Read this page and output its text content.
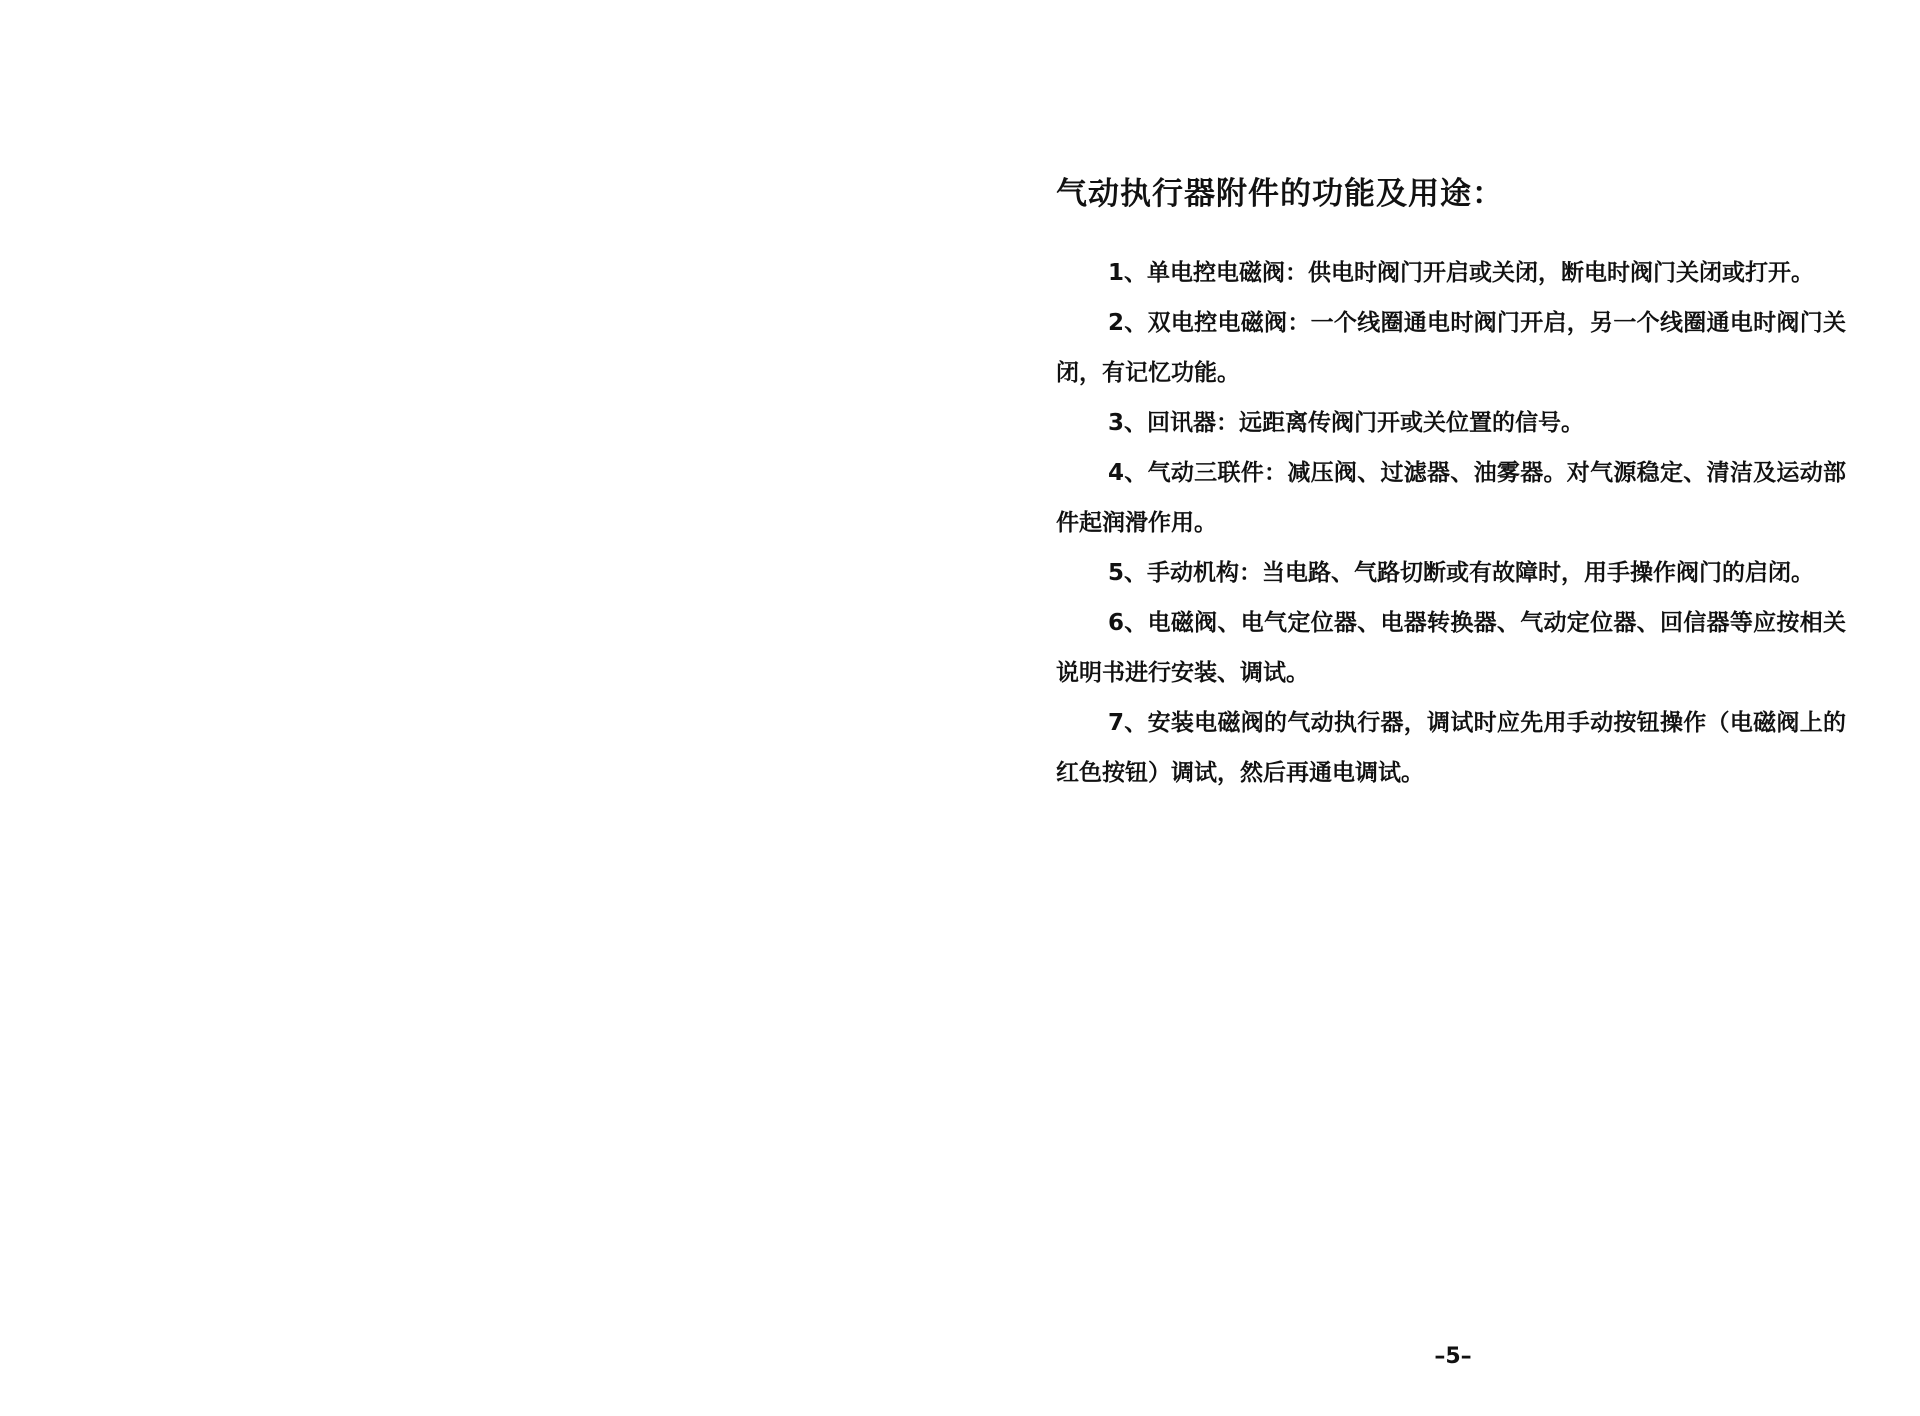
气动执行器附件的功能及用途：

1、单电控电磁阀：供电时阀门开启或关闭，断电时阀门关闭或打开。

2、双电控电磁阀：一个线圈通电时阀门开启，另一个线圈通电时阀门关闭，有记忆功能。

3、回讯器：远距离传阀门开或关位置的信号。

4、气动三联件：减压阀、过滤器、油雾器。对气源稳定、清洁及运动部件起润滑作用。

5、手动机构：当电路、气路切断或有故障时，用手操作阀门的启闭。

6、电磁阀、电气定位器、电器转换器、气动定位器、回信器等应按相关说明书进行安装、调试。

7、安装电磁阀的气动执行器，调试时应先用手动按钮操作（电磁阀上的红色按钮）调试，然后再通电调试。

–5–
